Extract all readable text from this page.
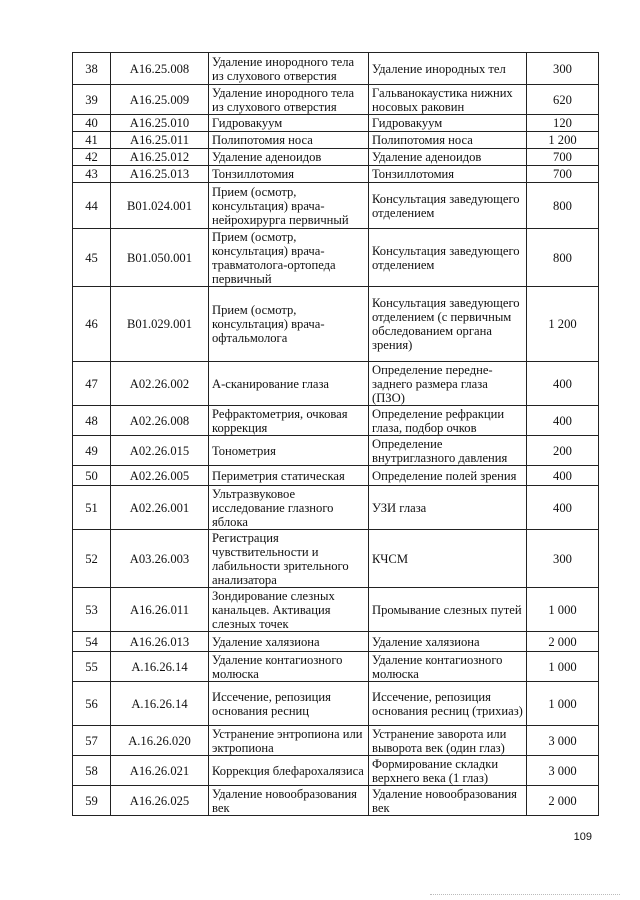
38	A16.25.008	Удаление инородного тела из слухового отверстия	Удаление инородных тел	300
39	A16.25.009	Удаление инородного тела из слухового отверстия	Гальванокаустика нижних носовых раковин	620
40	A16.25.010	Гидровакуум	Гидровакуум	120
41	A16.25.011	Полипотомия носа	Полипотомия носа	1 200
42	A16.25.012	Удаление аденоидов	Удаление аденоидов	700
43	A16.25.013	Тонзиллотомия	Тонзиллотомия	700
44	B01.024.001	Прием (осмотр, консультация) врача-нейрохирурга первичный	Консультация заведующего отделением	800
45	B01.050.001	Прием (осмотр, консультация) врача-травматолога-ортопеда первичный	Консультация заведующего отделением	800
46	B01.029.001	Прием (осмотр, консультация) врача-офтальмолога	Консультация заведующего отделением (с первичным обследованием органа зрения)	1 200
47	A02.26.002	А-сканирование глаза	Определение передне-заднего размера глаза (ПЗО)	400
48	A02.26.008	Рефрактометрия, очковая коррекция	Определение рефракции глаза, подбор очков	400
49	A02.26.015	Тонометрия	Определение внутриглазного давления	200
50	A02.26.005	Периметрия статическая	Определение полей зрения	400
51	A02.26.001	Ультразвуковое исследование глазного яблока	УЗИ глаза	400
52	A03.26.003	Регистрация чувствительности и лабильности зрительного анализатора	КЧСМ	300
53	A16.26.011	Зондирование слезных канальцев. Активация слезных точек	Промывание слезных путей	1 000
54	A16.26.013	Удаление халязиона	Удаление халязиона	2 000
55	A.16.26.14	Удаление контагиозного молюска	Удаление контагиозного молюска	1 000
56	A.16.26.14	Иссечение, репозиция основания ресниц	Иссечение, репозиция основания ресниц (трихиаз)	1 000
57	A.16.26.020	Устранение энтропиона или эктропиона	Устранение заворота или выворота век (один глаз)	3 000
58	A16.26.021	Коррекция блефарохалязиса	Формирование складки верхнего века (1 глаз)	3 000
59	A16.26.025	Удаление новообразования век	Удаление новообразования век	2 000
109
